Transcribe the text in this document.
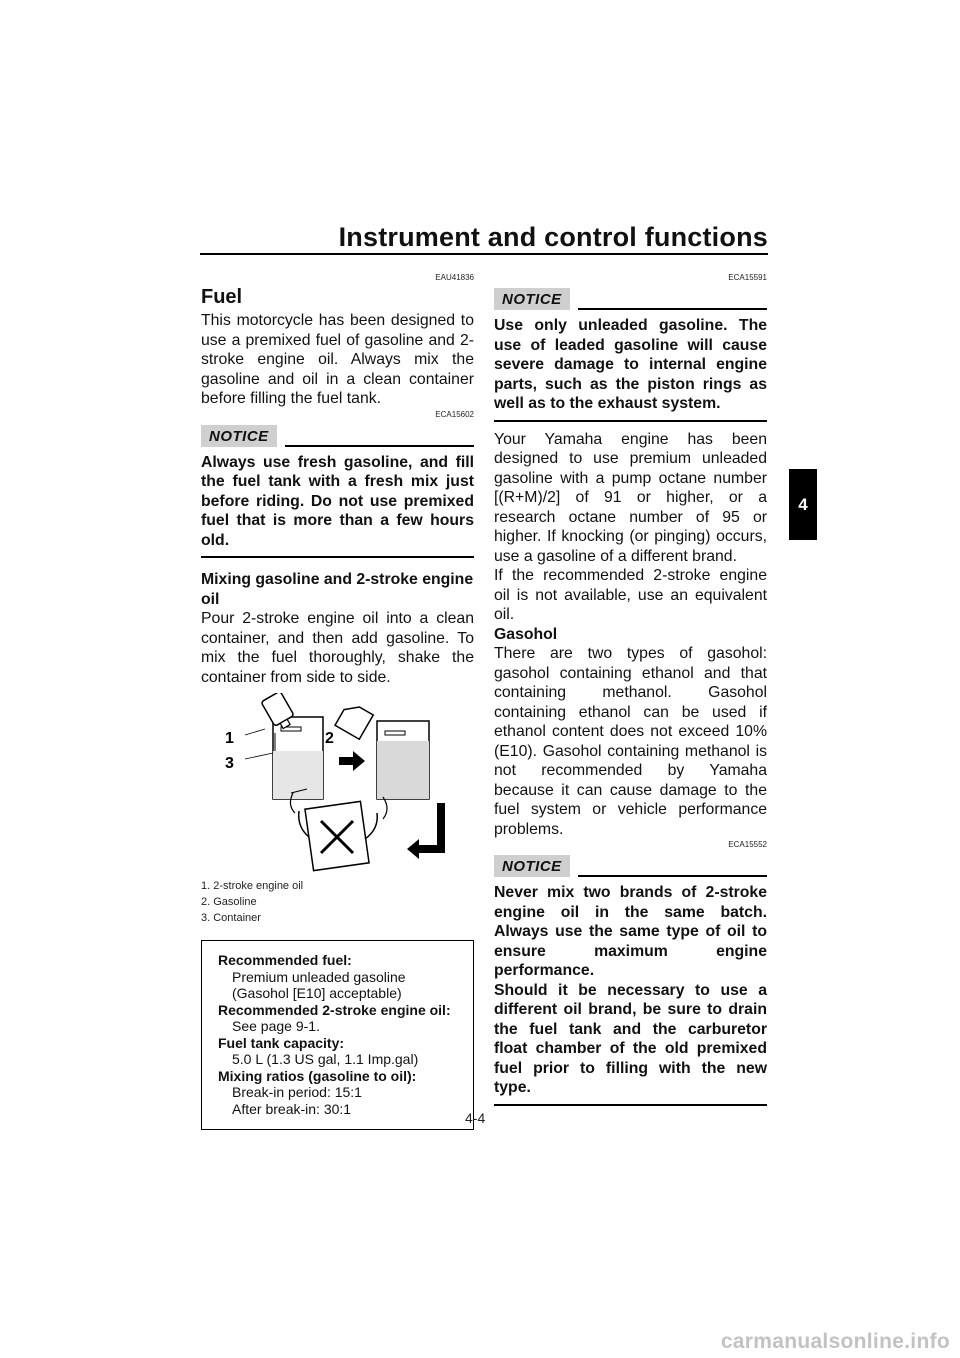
Instrument and control functions
4
EAU41836
Fuel

This motorcycle has been designed to use a premixed fuel of gasoline and 2-stroke engine oil. Always mix the gasoline and oil in a clean container before filling the fuel tank.

ECA15602
NOTICE

Always use fresh gasoline, and fill the fuel tank with a fresh mix just before riding. Do not use premixed fuel that is more than a few hours old.

Mixing gasoline and 2-stroke engine oil

Pour 2-stroke engine oil into a clean container, and then add gasoline. To mix the fuel thoroughly, shake the container from side to side.

1
3
2

1. 2-stroke engine oil

2. Gasoline

3. Container

Recommended fuel:

Premium unleaded gasoline (Gasohol [E10] acceptable)

Recommended 2-stroke engine oil:

See page 9-1.

Fuel tank capacity:

5.0 L (1.3 US gal, 1.1 Imp.gal)

Mixing ratios (gasoline to oil):

Break-in period: 15:1

After break-in: 30:1

ECA15591
NOTICE

Use only unleaded gasoline. The use of leaded gasoline will cause severe damage to internal engine parts, such as the piston rings as well as to the exhaust system.

Your Yamaha engine has been designed to use premium unleaded gasoline with a pump octane number [(R+M)/2] of 91 or higher, or a research octane number of 95 or higher. If knocking (or pinging) occurs, use a gasoline of a different brand.

If the recommended 2-stroke engine oil is not available, use an equivalent oil.

Gasohol

There are two types of gasohol: gasohol containing ethanol and that containing methanol. Gasohol containing ethanol can be used if ethanol content does not exceed 10% (E10). Gasohol containing methanol is not recommended by Yamaha because it can cause damage to the fuel system or vehicle performance problems.

ECA15552
NOTICE

Never mix two brands of 2-stroke engine oil in the same batch. Always use the same type of oil to ensure maximum engine performance.

Should it be necessary to use a different oil brand, be sure to drain the fuel tank and the carburetor float chamber of the old premixed fuel prior to filling with the new type.

4-4
carmanualsonline.info
